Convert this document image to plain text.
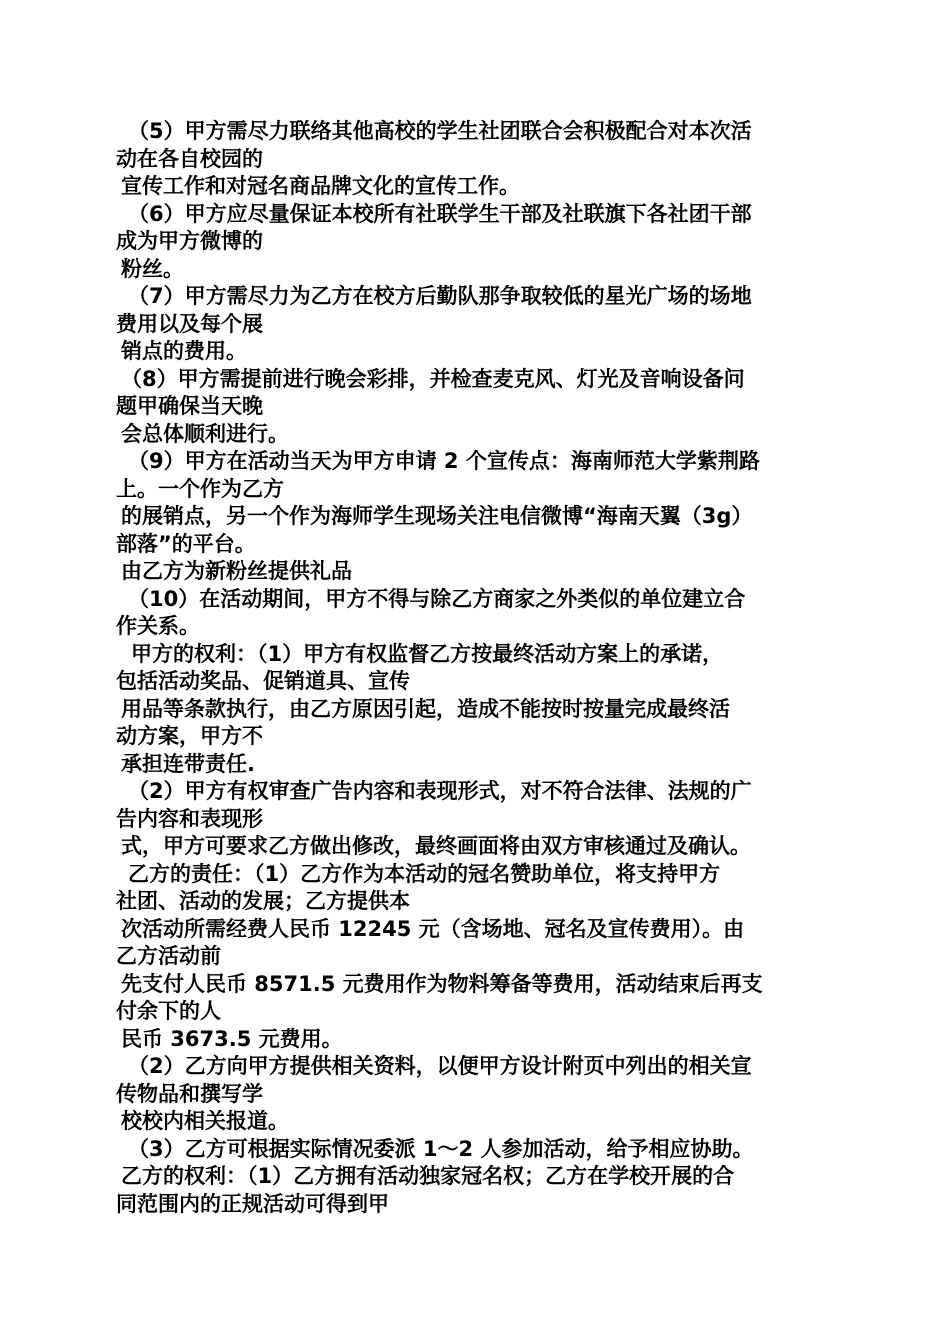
（5）甲方需尽力联络其他高校的学生社团联合会积极配合对本次活
动在各自校园的
宣传工作和对冠名商品牌文化的宣传工作。
（6）甲方应尽量保证本校所有社联学生干部及社联旗下各社团干部
成为甲方微博的
粉丝。
（7）甲方需尽力为乙方在校方后勤队那争取较低的星光广场的场地
费用以及每个展
销点的费用。
（8）甲方需提前进行晚会彩排，并检查麦克风、灯光及音响设备问
题甲确保当天晚
会总体顺利进行。
（9）甲方在活动当天为甲方申请 2 个宣传点：海南师范大学紫荆路
上。一个作为乙方
的展销点，另一个作为海师学生现场关注电信微博“海南天翼（3g）
部落”的平台。
由乙方为新粉丝提供礼品
（10）在活动期间，甲方不得与除乙方商家之外类似的单位建立合
作关系。
甲方的权利：（1）甲方有权监督乙方按最终活动方案上的承诺，
包括活动奖品、促销道具、宣传
用品等条款执行，由乙方原因引起，造成不能按时按量完成最终活
动方案，甲方不
承担连带责任.
（2）甲方有权审查广告内容和表现形式，对不符合法律、法规的广
告内容和表现形
式，甲方可要求乙方做出修改，最终画面将由双方审核通过及确认。
乙方的责任：（1）乙方作为本活动的冠名赞助单位，将支持甲方
社团、活动的发展；乙方提供本
次活动所需经费人民币 12245 元（含场地、冠名及宣传费用）。由
乙方活动前
先支付人民币 8571.5 元费用作为物料筹备等费用，活动结束后再支
付余下的人
民币 3673.5 元费用。
（2）乙方向甲方提供相关资料，以便甲方设计附页中列出的相关宣
传物品和撰写学
校校内相关报道。
（3）乙方可根据实际情况委派 1～2 人参加活动，给予相应协助。
乙方的权利：（1）乙方拥有活动独家冠名权；乙方在学校开展的合
同范围内的正规活动可得到甲
